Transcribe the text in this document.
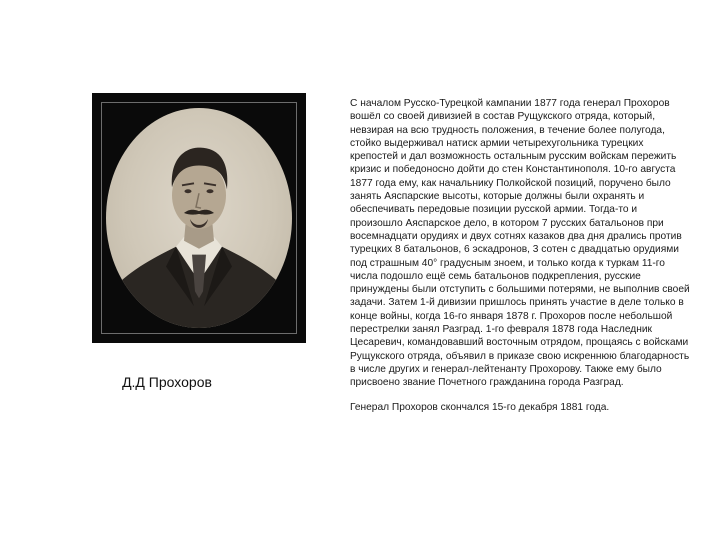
Д.Д Прохоров

С началом Русско-Турецкой кампании 1877 года генерал Прохоров вошёл со своей дивизией в состав Рущукского отряда, который, невзирая на всю трудность положения, в течение более полугода, стойко выдерживал натиск армии четырехугольника турецких крепостей и дал возможность остальным русским войскам пережить кризис и победоносно дойти до стен Константинополя. 10-го августа 1877 года ему, как начальнику Полкойской позиций, поручено было занять Аяспарские высоты, которые должны были охранять и обеспечивать передовые позиции русской армии. Тогда-то и произошло Аяспарское дело, в котором 7 русских батальонов при восемнадцати орудиях и двух сотнях казаков два дня дрались против турецких 8 батальонов, 6 эскадронов, 3 сотен с двадцатью орудиями под страшным 40° градусным зноем, и только когда к туркам 11-го числа подошло ещё семь батальонов подкрепления, русские принуждены были отступить с большими потерями, не выполнив своей задачи. Затем 1-й дивизии пришлось принять участие в деле только в конце войны, когда 16-го января 1878 г. Прохоров после небольшой перестрелки занял Разград. 1-го февраля 1878 года Наследник Цесаревич, командовавший восточным отрядом, прощаясь с войсками Рущукского отряда, объявил в приказе свою искреннюю благодарность в числе других и генерал-лейтенанту Прохорову. Также ему было присвоено звание Почетного гражданина города Разград.

Генерал Прохоров скончался 15-го декабря 1881 года.
